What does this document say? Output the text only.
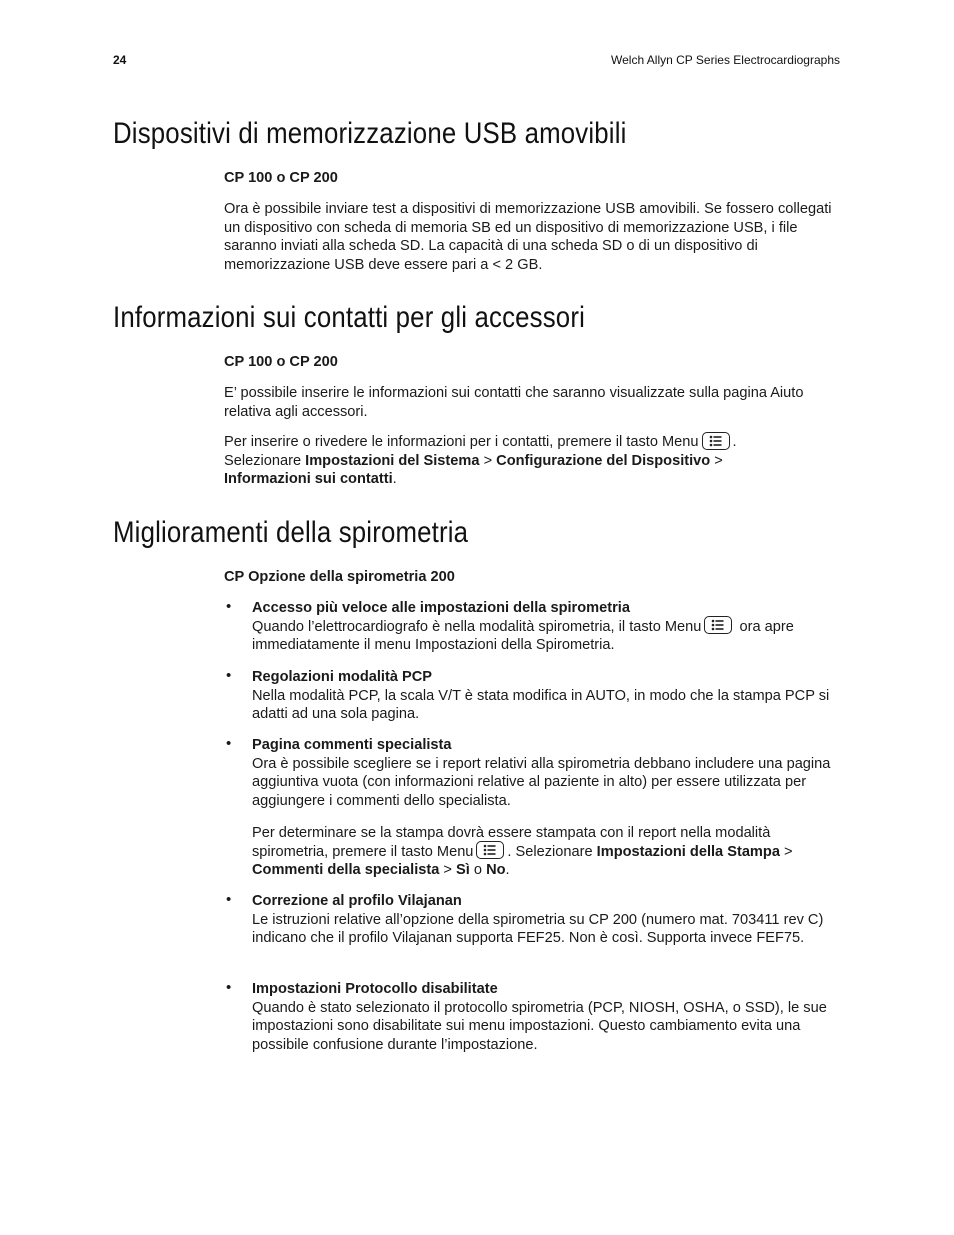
24	Welch Allyn CP Series Electrocardiographs
Dispositivi di memorizzazione USB amovibili
CP 100 o CP 200
Ora è possibile inviare test a dispositivi di memorizzazione USB amovibili. Se fossero collegati un dispositivo con scheda di memoria SB ed un dispositivo di memorizzazione USB, i file saranno inviati alla scheda SD. La capacità di una scheda SD o di un dispositivo di memorizzazione USB deve essere pari a < 2 GB.
Informazioni sui contatti per gli accessori
CP 100 o CP 200
E’ possibile inserire le informazioni sui contatti che saranno visualizzate sulla pagina Aiuto relativa agli accessori.
Per inserire o rivedere le informazioni per i contatti, premere il tasto Menu .
Selezionare Impostazioni del Sistema > Configurazione del Dispositivo >
Informazioni sui contatti.
Miglioramenti della spirometria
CP Opzione della spirometria 200
• Accesso più veloce alle impostazioni della spirometria
Quando l’elettrocardiografo è nella modalità spirometria, il tasto Menu	ora apre immediatamente il menu Impostazioni della Spirometria.
• Regolazioni modalità PCP
Nella modalità PCP, la scala V/T è stata modifica in AUTO, in modo che la stampa PCP si adatti ad una sola pagina.
• Pagina commenti specialista
Ora è possibile scegliere se i report relativi alla spirometria debbano includere una pagina aggiuntiva vuota (con informazioni relative al paziente in alto) per essere utilizzata per aggiungere i commenti dello specialista.
Per determinare se la stampa dovrà essere stampata con il report nella modalità spirometria, premere il tasto Menu . Selezionare Impostazioni della Stampa >
Commenti della specialista > Sì o No.
• Correzione al profilo Vilajanan
Le istruzioni relative all’opzione della spirometria su CP 200 (numero mat. 703411 rev C) indicano che il profilo Vilajanan supporta FEF25. Non è così. Supporta invece FEF75.
• Impostazioni Protocollo disabilitate
Quando è stato selezionato il protocollo spirometria (PCP, NIOSH, OSHA, o SSD), le sue impostazioni sono disabilitate sui menu impostazioni. Questo cambiamento evita una possibile confusione durante l’impostazione.
